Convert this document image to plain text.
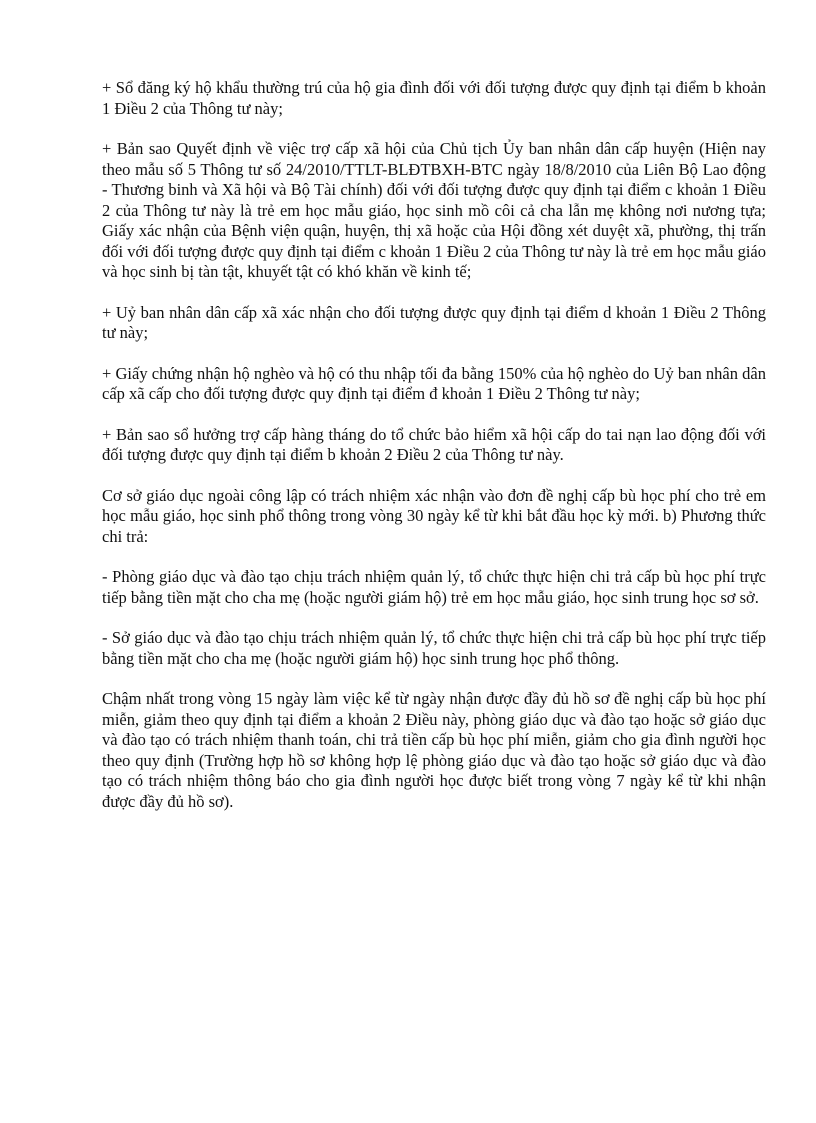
+ Sổ đăng ký hộ khẩu thường trú của hộ gia đình đối với đối tượng được quy định tại điểm b khoản 1 Điều 2 của Thông tư này;

+ Bản sao Quyết định về việc trợ cấp xã hội của Chủ tịch Ủy ban nhân dân cấp huyện (Hiện nay theo mẫu số 5 Thông tư số 24/2010/TTLT-BLĐTBXH-BTC ngày 18/8/2010 của Liên Bộ Lao động - Thương binh và Xã hội và Bộ Tài chính) đối với đối tượng được quy định tại điểm c khoản 1 Điều 2 của Thông tư này là trẻ em học mẫu giáo, học sinh mồ côi cả cha lẫn mẹ không nơi nương tựa; Giấy xác nhận của Bệnh viện quận, huyện, thị xã hoặc của Hội đồng xét duyệt xã, phường, thị trấn đối với đối tượng được quy định tại điểm c khoản 1 Điều 2 của Thông tư này là trẻ em học mẫu giáo và học sinh bị tàn tật, khuyết tật có khó khăn về kinh tế;

+ Uỷ ban nhân dân cấp xã xác nhận cho đối tượng được quy định tại điểm d khoản 1 Điều 2 Thông tư này;

+ Giấy chứng nhận hộ nghèo và hộ có thu nhập tối đa bằng 150% của hộ nghèo do Uỷ ban nhân dân cấp xã cấp cho đối tượng được quy định tại điểm đ khoản 1 Điều 2 Thông tư này;

+ Bản sao sổ hưởng trợ cấp hàng tháng do tổ chức bảo hiểm xã hội cấp do tai nạn lao động đối với đối tượng được quy định tại điểm b khoản 2 Điều 2 của Thông tư này.

Cơ sở giáo dục ngoài công lập có trách nhiệm xác nhận vào đơn đề nghị cấp bù học phí cho trẻ em học mẫu giáo, học sinh phổ thông trong vòng 30 ngày kể từ khi bắt đầu học kỳ mới. b) Phương thức chi trả:

- Phòng giáo dục và đào tạo chịu trách nhiệm quản lý, tổ chức thực hiện chi trả cấp bù học phí trực tiếp bằng tiền mặt cho cha mẹ (hoặc người giám hộ) trẻ em học mẫu giáo, học sinh trung học sơ sở.

- Sở giáo dục và đào tạo chịu trách nhiệm quản lý, tổ chức thực hiện chi trả cấp bù học phí trực tiếp bằng tiền mặt cho cha mẹ (hoặc người giám hộ) học sinh trung học phổ thông.

Chậm nhất trong vòng 15 ngày làm việc kể từ ngày nhận được đầy đủ hồ sơ đề nghị cấp bù học phí miễn, giảm theo quy định tại điểm a khoản 2 Điều này, phòng giáo dục và đào tạo hoặc sở giáo dục và đào tạo có trách nhiệm thanh toán, chi trả tiền cấp bù học phí miễn, giảm cho gia đình người học theo quy định (Trường hợp hồ sơ không hợp lệ phòng giáo dục và đào tạo hoặc sở giáo dục và đào tạo có trách nhiệm thông báo cho gia đình người học được biết trong vòng 7 ngày kể từ khi nhận được đầy đủ hồ sơ).
